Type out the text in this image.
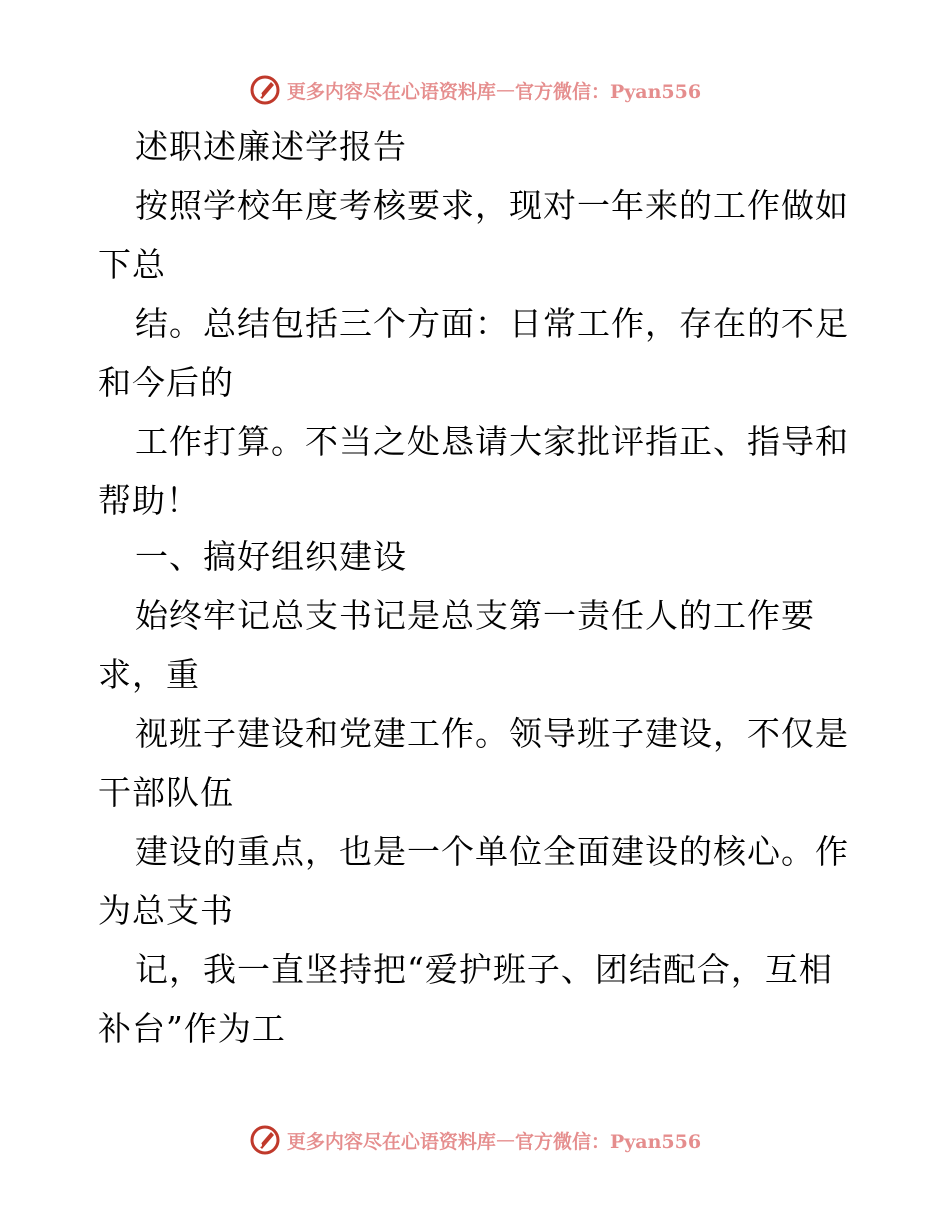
更多内容尽在心语资料库 — 官方微信：Pyan556
述职述廉述学报告
按照学校年度考核要求，现对一年来的工作做如
下总
结。总结包括三个方面：日常工作，存在的不足
和今后的
工作打算。不当之处恳请大家批评指正、指导和
帮助！
一、搞好组织建设
始终牢记总支书记是总支第一责任人的工作要
求，重
视班子建设和党建工作。领导班子建设，不仅是
干部队伍
建设的重点，也是一个单位全面建设的核心。作
为总支书
记，我一直坚持把“爱护班子、团结配合，互相
补台”作为工
更多内容尽在心语资料库 — 官方微信：Pyan556
